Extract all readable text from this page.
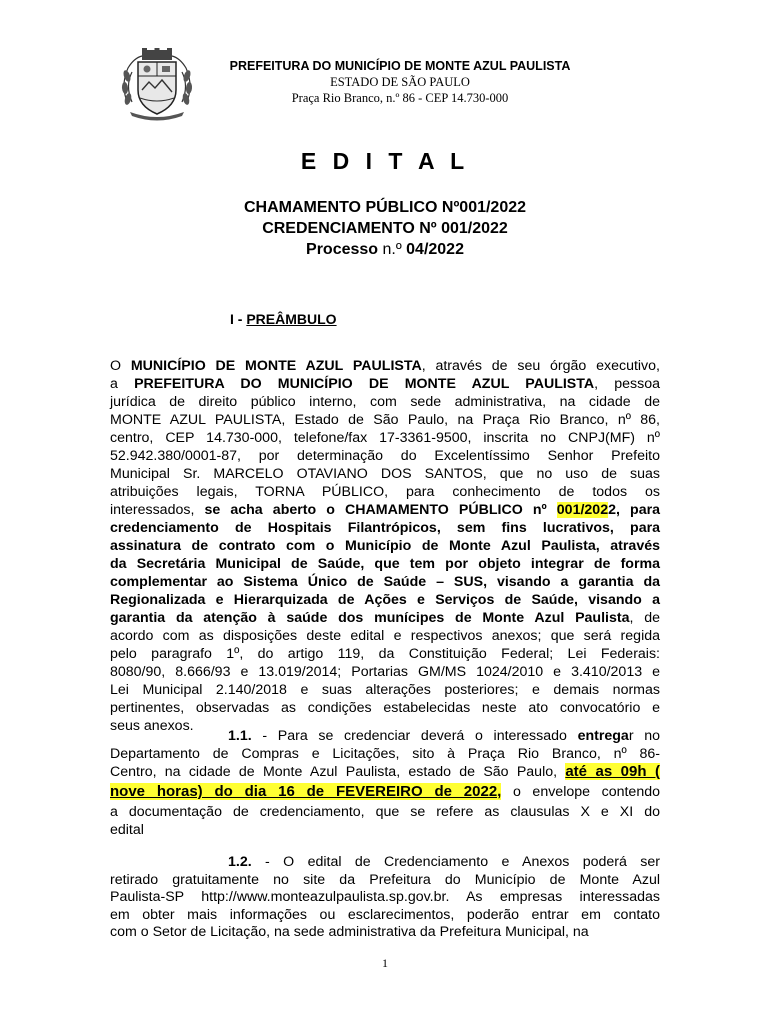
PREFEITURA DO MUNICÍPIO DE MONTE AZUL PAULISTA
ESTADO DE SÃO PAULO
Praça Rio Branco, n.º 86 - CEP 14.730-000
E D I T A L
CHAMAMENTO PÚBLICO Nº001/2022
CREDENCIAMENTO Nº 001/2022
Processo n.º 04/2022
I - PREÂMBULO
O MUNICÍPIO DE MONTE AZUL PAULISTA, através de seu órgão executivo,
a PREFEITURA DO MUNICÍPIO DE MONTE AZUL PAULISTA, pessoa
jurídica de direito público interno, com sede administrativa, na cidade de
MONTE AZUL PAULISTA, Estado de São Paulo, na Praça Rio Branco, nº 86,
centro, CEP 14.730-000, telefone/fax 17-3361-9500, inscrita no CNPJ(MF) nº
52.942.380/0001-87, por determinação do Excelentíssimo Senhor Prefeito
Municipal Sr. MARCELO OTAVIANO DOS SANTOS, que no uso de suas
atribuições legais, TORNA PÚBLICO, para conhecimento de todos os
interessados, se acha aberto o CHAMAMENTO PÚBLICO nº 001/2022, para
credenciamento de Hospitais Filantrópicos, sem fins lucrativos, para
assinatura de contrato com o Município de Monte Azul Paulista, através
da Secretária Municipal de Saúde, que tem por objeto integrar de forma
complementar ao Sistema Único de Saúde – SUS, visando a garantia da
Regionalizada e Hierarquizada de Ações e Serviços de Saúde, visando a
garantia da atenção à saúde dos munícipes de Monte Azul Paulista, de
acordo com as disposições deste edital e respectivos anexos; que será regida
pelo paragrafo 1º, do artigo 119, da Constituição Federal; Lei Federais:
8080/90, 8.666/93 e 13.019/2014; Portarias GM/MS 1024/2010 e 3.410/2013 e
Lei Municipal 2.140/2018 e suas alterações posteriores; e demais normas
pertinentes, observadas as condições estabelecidas neste ato convocatório e
seus anexos.
1.1. - Para se credenciar deverá o interessado entregar no
Departamento de Compras e Licitações, sito à Praça Rio Branco, nº 86-
Centro, na cidade de Monte Azul Paulista, estado de São Paulo, até as 09h (
nove horas) do dia 16 de FEVEREIRO de 2022, o envelope contendo
a documentação de credenciamento, que se refere as clausulas X e XI do
edital
1.2. - O edital de Credenciamento e Anexos poderá ser
retirado gratuitamente no site da Prefeitura do Município de Monte Azul
Paulista-SP http://www.monteazulpaulista.sp.gov.br. As empresas interessadas
em obter mais informações ou esclarecimentos, poderão entrar em contato
com o Setor de Licitação, na sede administrativa da Prefeitura Municipal, na
1
